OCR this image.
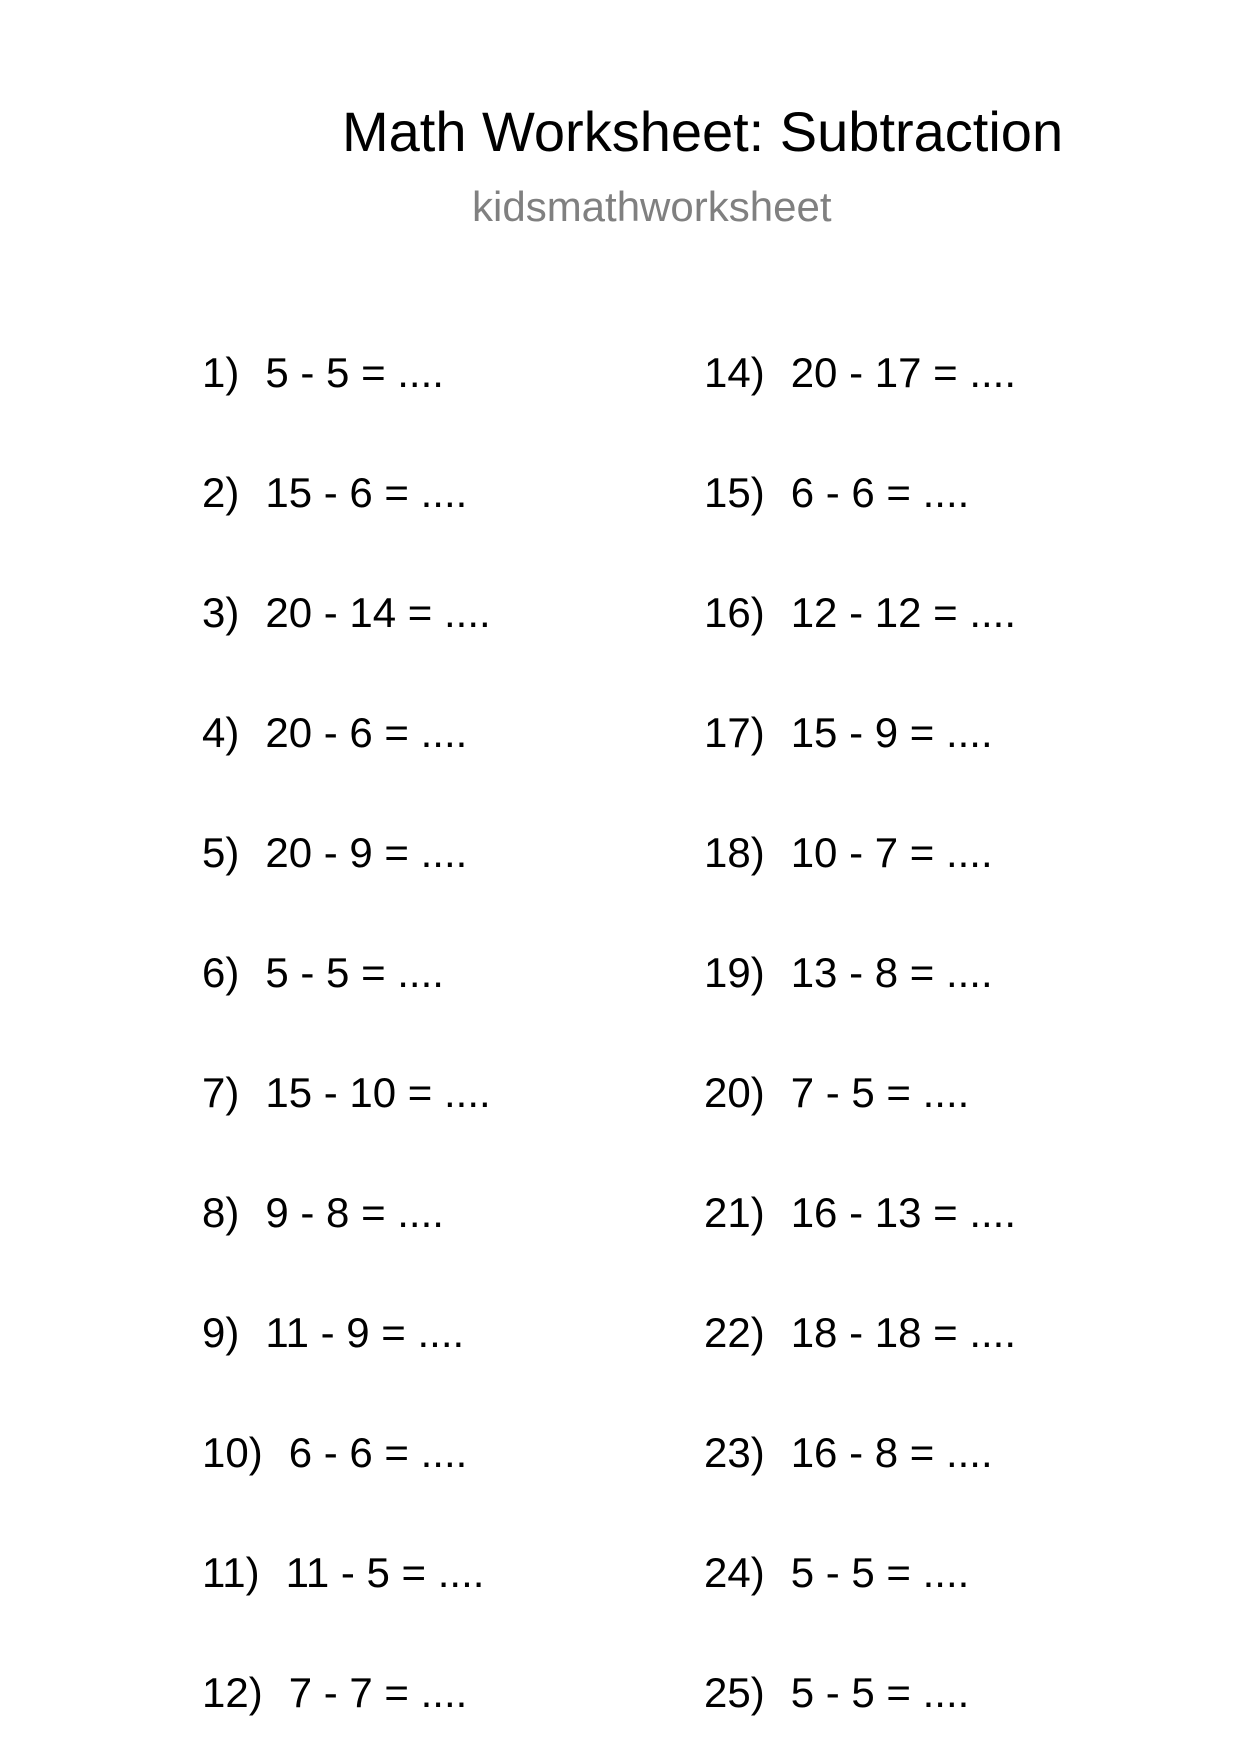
Math Worksheet: Subtraction
kidsmathworksheet
1) 5 - 5 = ....
2) 15 - 6 = ....
3) 20 - 14 = ....
4) 20 - 6 = ....
5) 20 - 9 = ....
6) 5 - 5 = ....
7) 15 - 10 = ....
8) 9 - 8 = ....
9) 11 - 9 = ....
10) 6 - 6 = ....
11) 11 - 5 = ....
12) 7 - 7 = ....
14) 20 - 17 = ....
15) 6 - 6 = ....
16) 12 - 12 = ....
17) 15 - 9 = ....
18) 10 - 7 = ....
19) 13 - 8 = ....
20) 7 - 5 = ....
21) 16 - 13 = ....
22) 18 - 18 = ....
23) 16 - 8 = ....
24) 5 - 5 = ....
25) 5 - 5 = ....
